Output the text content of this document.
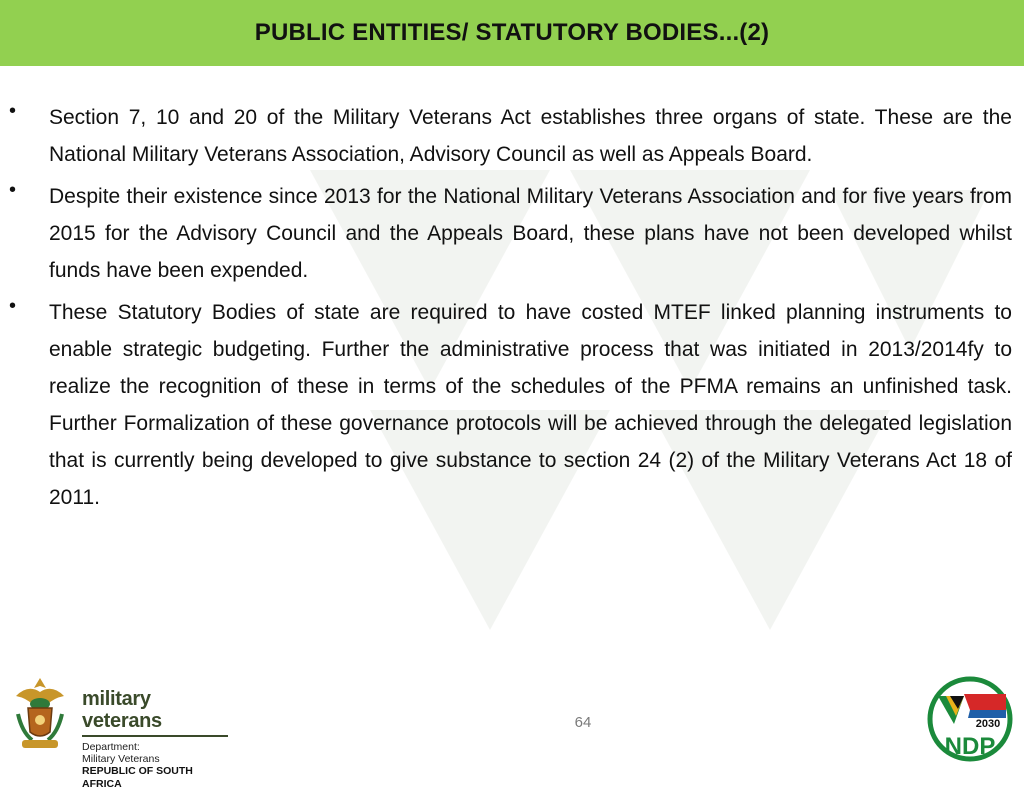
PUBLIC ENTITIES/ STATUTORY BODIES...(2)
• Section 7, 10 and 20 of the Military Veterans Act establishes three organs of state. These are the National Military Veterans Association, Advisory Council as well as Appeals Board.
• Despite their existence since 2013 for the National Military Veterans Association and for five years from 2015 for the Advisory Council and the Appeals Board, these plans have not been developed whilst funds have been expended.
• These Statutory Bodies of state are required to have costed MTEF linked planning instruments to enable strategic budgeting. Further the administrative process that was initiated in 2013/2014fy to realize the recognition of these in terms of the schedules of the PFMA remains an unfinished task. Further Formalization of these governance protocols will be achieved through the delegated legislation that is currently being developed to give substance to section 24 (2) of the Military Veterans Act 18 of 2011.
military veterans
Department:
Military Veterans
REPUBLIC OF SOUTH AFRICA
64	2030
NDP
